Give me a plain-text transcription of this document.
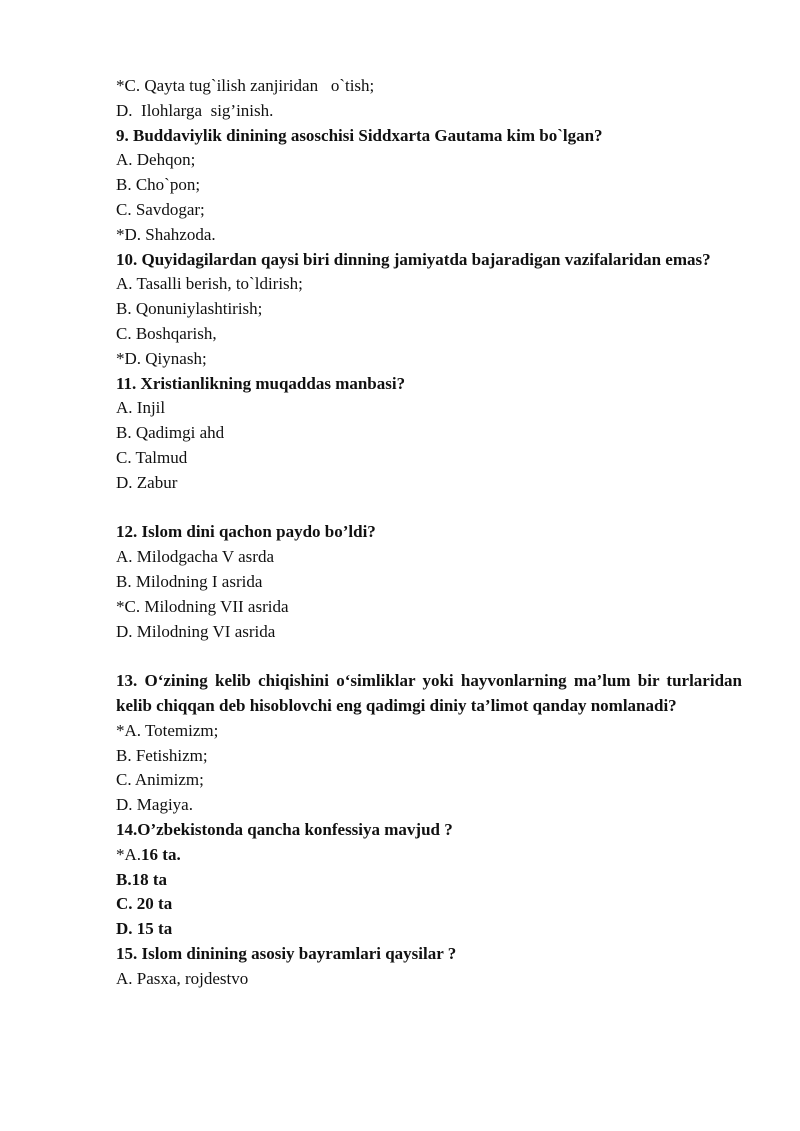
*C. Qayta tug`ilish zanjiridan   o`tish;

D.  Ilohlarga  sig’inish.

9. Buddaviylik dinining asoschisi Siddxarta Gautama kim bo`lgan?

A. Dehqon;

B. Cho`pon;

C. Savdogar;

*D. Shahzoda.

10. Quyidagilardan qaysi biri dinning jamiyatda bajaradigan vazifalaridan emas?

A. Tasalli berish, to`ldirish;

B. Qonuniylashtirish;

C. Boshqarish,

*D. Qiynash;

11. Xristianlikning muqaddas manbasi?

A. Injil

B. Qadimgi ahd

C. Talmud

D. Zabur

12. Islom dini qachon paydo bo’ldi?

A. Milodgacha V asrda

B. Milodning I asrida

*C. Milodning VII asrida

D. Milodning VI asrida

13. O‘zining kelib chiqishini o‘simliklar yoki hayvonlarning ma’lum bir turlaridan kelib chiqqan deb hisoblovchi eng qadimgi diniy ta’limot qanday nomlanadi?

*A. Totemizm;

B. Fetishizm;

C. Animizm;

D. Magiya.

14.O’zbekistonda qancha konfessiya mavjud ?

*A.16 ta.

B.18 ta

C. 20 ta

D. 15 ta

15. Islom dinining asosiy bayramlari qaysilar ?

A. Pasxa, rojdestvo
